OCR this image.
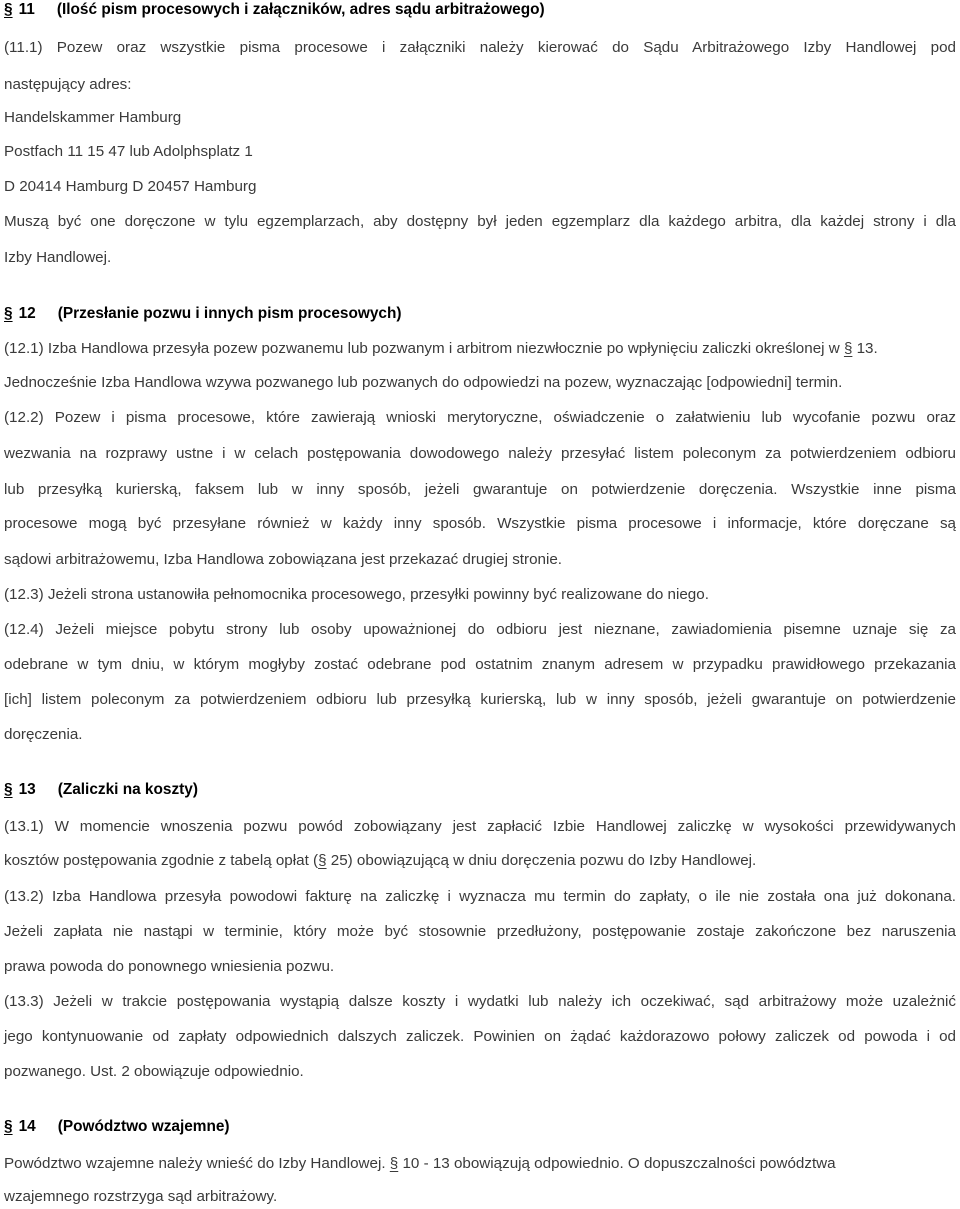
§ 11 (Ilość pism procesowych i załączników, adres sądu arbitrażowego)
(11.1) Pozew oraz wszystkie pisma procesowe i załączniki należy kierować do Sądu Arbitrażowego Izby Handlowej pod
następujący adres:
Handelskammer Hamburg
Postfach 11 15 47 lub Adolphsplatz 1
D 20414 Hamburg D 20457 Hamburg
Muszą być one doręczone w tylu egzemplarzach, aby dostępny był jeden egzemplarz dla każdego arbitra, dla każdej strony i dla
Izby Handlowej.
§ 12 (Przesłanie pozwu i innych pism procesowych)
(12.1) Izba Handlowa przesyła pozew pozwanemu lub pozwanym i arbitrom niezwłocznie po wpłynięciu zaliczki określonej w § 13.
Jednocześnie Izba Handlowa wzywa pozwanego lub pozwanych do odpowiedzi na pozew, wyznaczając [odpowiedni] termin.
(12.2) Pozew i pisma procesowe, które zawierają wnioski merytoryczne, oświadczenie o załatwieniu lub wycofanie pozwu oraz
wezwania na rozprawy ustne i w celach postępowania dowodowego należy przesyłać listem poleconym za potwierdzeniem odbioru
lub przesyłką kurierską, faksem lub w inny sposób, jeżeli gwarantuje on potwierdzenie doręczenia. Wszystkie inne pisma
procesowe mogą być przesyłane również w każdy inny sposób. Wszystkie pisma procesowe i informacje, które doręczane są
sądowi arbitrażowemu, Izba Handlowa zobowiązana jest przekazać drugiej stronie.
(12.3) Jeżeli strona ustanowiła pełnomocnika procesowego, przesyłki powinny być realizowane do niego.
(12.4) Jeżeli miejsce pobytu strony lub osoby upoważnionej do odbioru jest nieznane, zawiadomienia pisemne uznaje się za
odebrane w tym dniu, w którym mogłyby zostać odebrane pod ostatnim znanym adresem w przypadku prawidłowego przekazania
[ich] listem poleconym za potwierdzeniem odbioru lub przesyłką kurierską, lub w inny sposób, jeżeli gwarantuje on potwierdzenie
doręczenia.
§ 13 (Zaliczki na koszty)
(13.1) W momencie wnoszenia pozwu powód zobowiązany jest zapłacić Izbie Handlowej zaliczkę w wysokości przewidywanych
kosztów postępowania zgodnie z tabelą opłat (§ 25) obowiązującą w dniu doręczenia pozwu do Izby Handlowej.
(13.2) Izba Handlowa przesyła powodowi fakturę na zaliczkę i wyznacza mu termin do zapłaty, o ile nie została ona już dokonana.
Jeżeli zapłata nie nastąpi w terminie, który może być stosownie przedłużony, postępowanie zostaje zakończone bez naruszenia
prawa powoda do ponownego wniesienia pozwu.
(13.3) Jeżeli w trakcie postępowania wystąpią dalsze koszty i wydatki lub należy ich oczekiwać, sąd arbitrażowy może uzależnić
jego kontynuowanie od zapłaty odpowiednich dalszych zaliczek. Powinien on żądać każdorazowo połowy zaliczek od powoda i od
pozwanego. Ust. 2 obowiązuje odpowiednio.
§ 14 (Powództwo wzajemne)
Powództwo wzajemne należy wnieść do Izby Handlowej. § 10 - 13 obowiązują odpowiednio. O dopuszczalności powództwa
wzajemnego rozstrzyga sąd arbitrażowy.
